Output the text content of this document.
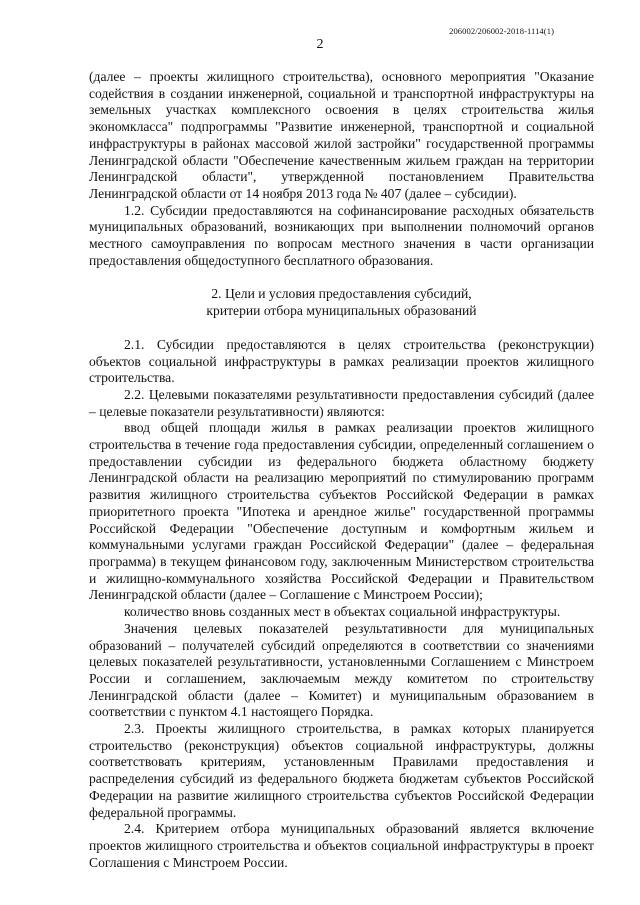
206002/206002-2018-1114(1)
2

(далее – проекты жилищного строительства), основного мероприятия "Оказание содействия в создании инженерной, социальной и транспортной инфраструктуры на земельных участках комплексного освоения в целях строительства жилья экономкласса" подпрограммы "Развитие инженерной, транспортной и социальной инфраструктуры в районах массовой жилой застройки" государственной программы Ленинградской области "Обеспечение качественным жильем граждан на территории Ленинградской области", утвержденной постановлением Правительства Ленинградской области от 14 ноября 2013 года № 407 (далее – субсидии).

1.2. Субсидии предоставляются на софинансирование расходных обязательств муниципальных образований, возникающих при выполнении полномочий органов местного самоуправления по вопросам местного значения в части организации предоставления общедоступного бесплатного образования.

2. Цели и условия предоставления субсидий,
критерии отбора муниципальных образований

2.1. Субсидии предоставляются в целях строительства (реконструкции) объектов социальной инфраструктуры в рамках реализации проектов жилищного строительства.

2.2. Целевыми показателями результативности предоставления субсидий (далее – целевые показатели результативности) являются:

ввод общей площади жилья в рамках реализации проектов жилищного строительства в течение года предоставления субсидии, определенный соглашением о предоставлении субсидии из федерального бюджета областному бюджету Ленинградской области на реализацию мероприятий по стимулированию программ развития жилищного строительства субъектов Российской Федерации в рамках приоритетного проекта "Ипотека и арендное жилье" государственной программы Российской Федерации "Обеспечение доступным и комфортным жильем и коммунальными услугами граждан Российской Федерации" (далее – федеральная программа) в текущем финансовом году, заключенным Министерством строительства и жилищно-коммунального хозяйства Российской Федерации и Правительством Ленинградской области (далее – Соглашение с Минстроем России);

количество вновь созданных мест в объектах социальной инфраструктуры.

Значения целевых показателей результативности для муниципальных образований – получателей субсидий определяются в соответствии со значениями целевых показателей результативности, установленными Соглашением с Минстроем России и соглашением, заключаемым между комитетом по строительству Ленинградской области (далее – Комитет) и муниципальным образованием в соответствии с пунктом 4.1 настоящего Порядка.

2.3. Проекты жилищного строительства, в рамках которых планируется строительство (реконструкция) объектов социальной инфраструктуры, должны соответствовать критериям, установленным Правилами предоставления и распределения субсидий из федерального бюджета бюджетам субъектов Российской Федерации на развитие жилищного строительства субъектов Российской Федерации федеральной программы.

2.4. Критерием отбора муниципальных образований является включение проектов жилищного строительства и объектов социальной инфраструктуры в проект Соглашения с Минстроем России.
